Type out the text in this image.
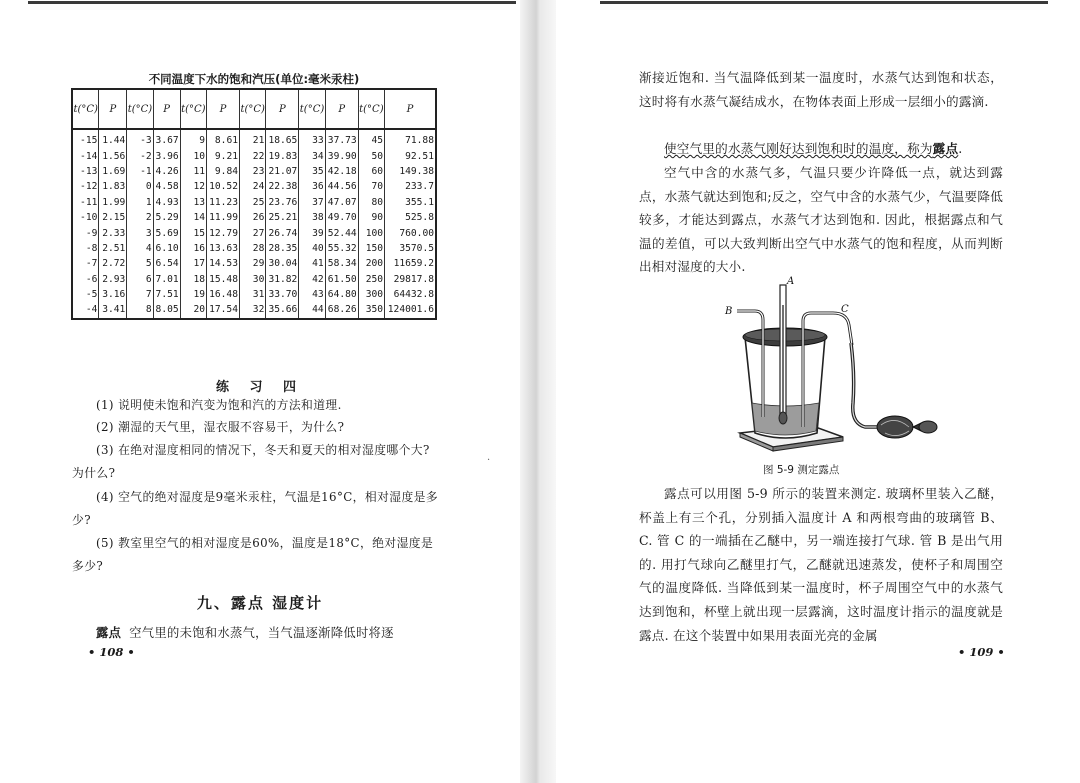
不同温度下水的饱和汽压(单位:毫米汞柱)
t(°C)	P	t(°C)	P	t(°C)	P	t(°C)	P	t(°C)	P	t(°C)	P
-15	1.44	-3	3.67	9	8.61	21	18.65	33	37.73	45	71.88
-14	1.56	-2	3.96	10	9.21	22	19.83	34	39.90	50	92.51
-13	1.69	-1	4.26	11	9.84	23	21.07	35	42.18	60	149.38
-12	1.83	0	4.58	12	10.52	24	22.38	36	44.56	70	233.7
-11	1.99	1	4.93	13	11.23	25	23.76	37	47.07	80	355.1
-10	2.15	2	5.29	14	11.99	26	25.21	38	49.70	90	525.8
-9	2.33	3	5.69	15	12.79	27	26.74	39	52.44	100	760.00
-8	2.51	4	6.10	16	13.63	28	28.35	40	55.32	150	3570.5
-7	2.72	5	6.54	17	14.53	29	30.04	41	58.34	200	11659.2
-6	2.93	6	7.01	18	15.48	30	31.82	42	61.50	250	29817.8
-5	3.16	7	7.51	19	16.48	31	33.70	43	64.80	300	64432.8
-4	3.41	8	8.05	20	17.54	32	35.66	44	68.26	350	124001.6
练 习 四
(1) 说明使未饱和汽变为饱和汽的方法和道理.
(2) 潮湿的天气里，湿衣服不容易干，为什么?
(3) 在绝对湿度相同的情况下，冬天和夏天的相对湿度哪个大?为什么?
(4) 空气的绝对湿度是9毫米汞柱，气温是16°C，相对湿度是多少?
(5) 教室里空气的相对湿度是60%，温度是18°C，绝对湿度是多少?
九、露点 湿度计
露点 空气里的未饱和水蒸气，当气温逐渐降低时将逐
• 108 •
·

渐接近饱和. 当气温降低到某一温度时，水蒸气达到饱和状态，这时将有水蒸气凝结成水，在物体表面上形成一层细小的露滴.

使空气里的水蒸气刚好达到饱和时的温度，称为露点.

空气中含的水蒸气多，气温只要少许降低一点，就达到露点，水蒸气就达到饱和;反之，空气中含的水蒸气少，气温要降低较多，才能达到露点，水蒸气才达到饱和. 因此，根据露点和气温的差值，可以大致判断出空气中水蒸气的饱和程度，从而判断出相对湿度的大小.

A
B	C
图 5-9 测定露点

露点可以用图 5-9 所示的装置来测定. 玻璃杯里装入乙醚，杯盖上有三个孔，分别插入温度计 A 和两根弯曲的玻璃管 B、C. 管 C 的一端插在乙醚中，另一端连接打气球. 管 B 是出气用的. 用打气球向乙醚里打气，乙醚就迅速蒸发，使杯子和周围空气的温度降低. 当降低到某一温度时，杯子周围空气中的水蒸气达到饱和，杯壁上就出现一层露滴，这时温度计指示的温度就是露点. 在这个装置中如果用表面光亮的金属

• 109 •
